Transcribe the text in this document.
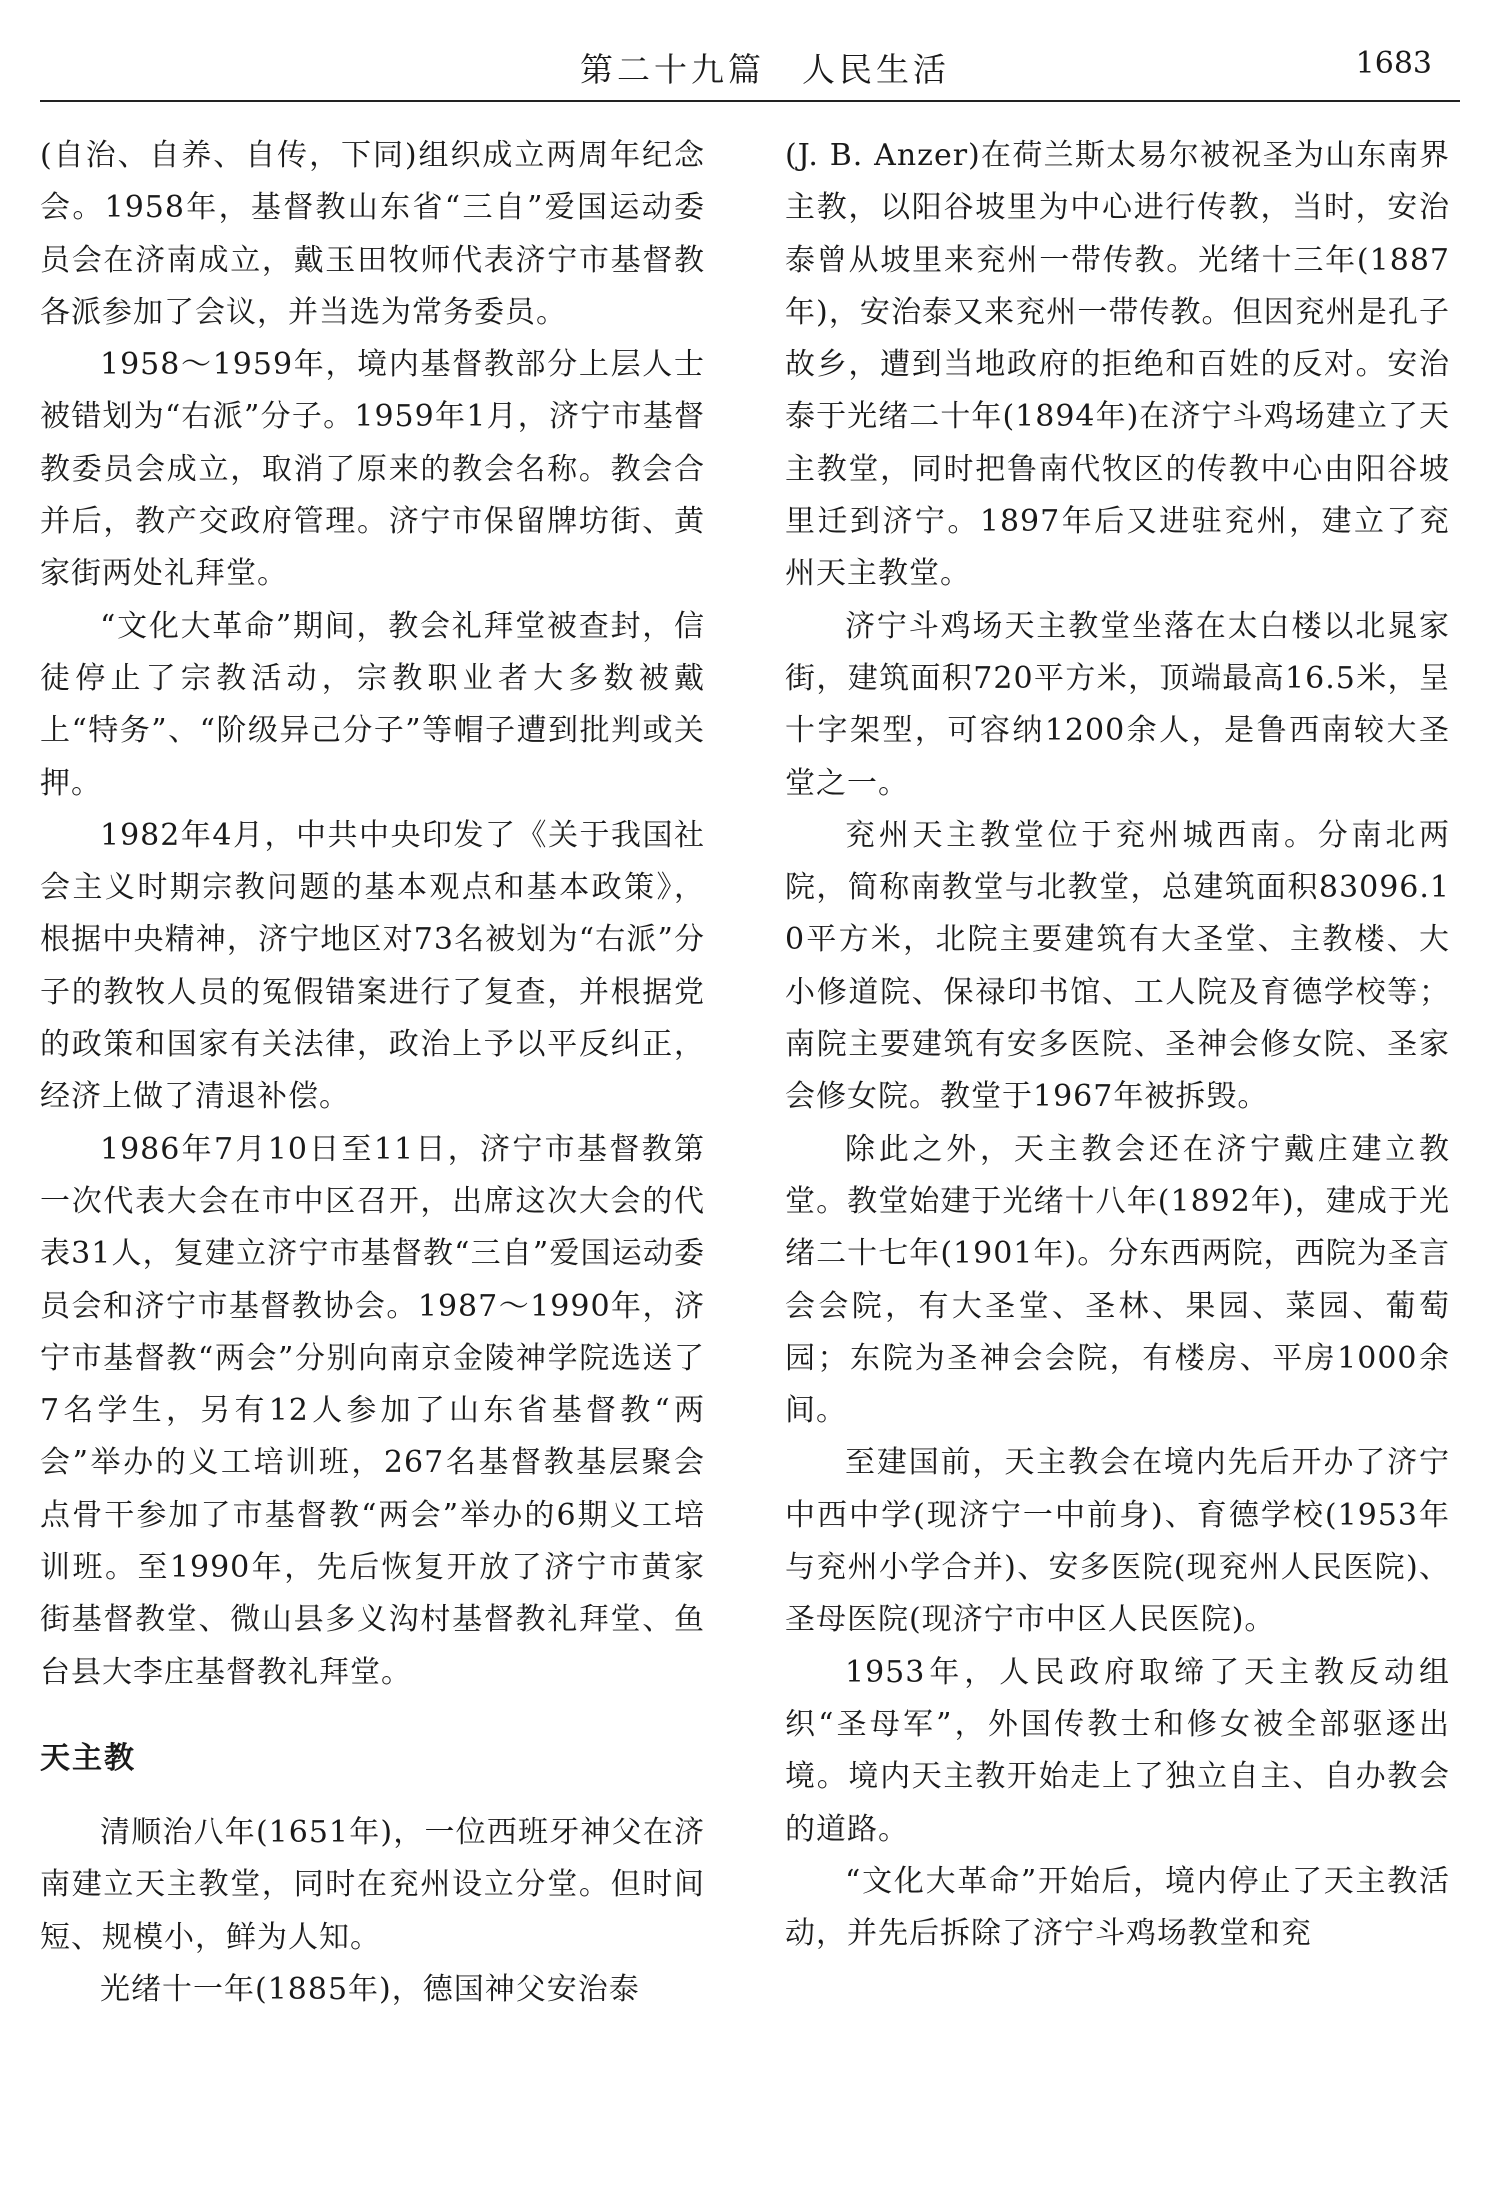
第二十九篇　人民生活	1683

(自治、自养、自传，下同)组织成立两周年纪念会。1958年，基督教山东省“三自”爱国运动委员会在济南成立，戴玉田牧师代表济宁市基督教各派参加了会议，并当选为常务委员。

1958～1959年，境内基督教部分上层人士被错划为“右派”分子。1959年1月，济宁市基督教委员会成立，取消了原来的教会名称。教会合并后，教产交政府管理。济宁市保留牌坊街、黄家街两处礼拜堂。

“文化大革命”期间，教会礼拜堂被查封，信徒停止了宗教活动，宗教职业者大多数被戴上“特务”、“阶级异己分子”等帽子遭到批判或关押。

1982年4月，中共中央印发了《关于我国社会主义时期宗教问题的基本观点和基本政策》，根据中央精神，济宁地区对73名被划为“右派”分子的教牧人员的冤假错案进行了复查，并根据党的政策和国家有关法律，政治上予以平反纠正，经济上做了清退补偿。

1986年7月10日至11日，济宁市基督教第一次代表大会在市中区召开，出席这次大会的代表31人，复建立济宁市基督教“三自”爱国运动委员会和济宁市基督教协会。1987～1990年，济宁市基督教“两会”分别向南京金陵神学院选送了7名学生，另有12人参加了山东省基督教“两会”举办的义工培训班，267名基督教基层聚会点骨干参加了市基督教“两会”举办的6期义工培训班。至1990年，先后恢复开放了济宁市黄家街基督教堂、微山县多义沟村基督教礼拜堂、鱼台县大李庄基督教礼拜堂。

天主教

清顺治八年(1651年)，一位西班牙神父在济南建立天主教堂，同时在兖州设立分堂。但时间短、规模小，鲜为人知。

光绪十一年(1885年)，德国神父安治泰

(J. B. Anzer)在荷兰斯太易尔被祝圣为山东南界主教，以阳谷坡里为中心进行传教，当时，安治泰曾从坡里来兖州一带传教。光绪十三年(1887年)，安治泰又来兖州一带传教。但因兖州是孔子故乡，遭到当地政府的拒绝和百姓的反对。安治泰于光绪二十年(1894年)在济宁斗鸡场建立了天主教堂，同时把鲁南代牧区的传教中心由阳谷坡里迁到济宁。1897年后又进驻兖州，建立了兖州天主教堂。

济宁斗鸡场天主教堂坐落在太白楼以北晁家街，建筑面积720平方米，顶端最高16.5米，呈十字架型，可容纳1200余人，是鲁西南较大圣堂之一。

兖州天主教堂位于兖州城西南。分南北两院，简称南教堂与北教堂，总建筑面积83096.10平方米，北院主要建筑有大圣堂、主教楼、大小修道院、保禄印书馆、工人院及育德学校等；南院主要建筑有安多医院、圣神会修女院、圣家会修女院。教堂于1967年被拆毁。

除此之外，天主教会还在济宁戴庄建立教堂。教堂始建于光绪十八年(1892年)，建成于光绪二十七年(1901年)。分东西两院，西院为圣言会会院，有大圣堂、圣林、果园、菜园、葡萄园；东院为圣神会会院，有楼房、平房1000余间。

至建国前，天主教会在境内先后开办了济宁中西中学(现济宁一中前身)、育德学校(1953年与兖州小学合并)、安多医院(现兖州人民医院)、圣母医院(现济宁市中区人民医院)。

1953年，人民政府取缔了天主教反动组织“圣母军”，外国传教士和修女被全部驱逐出境。境内天主教开始走上了独立自主、自办教会的道路。

“文化大革命”开始后，境内停止了天主教活动，并先后拆除了济宁斗鸡场教堂和兖
